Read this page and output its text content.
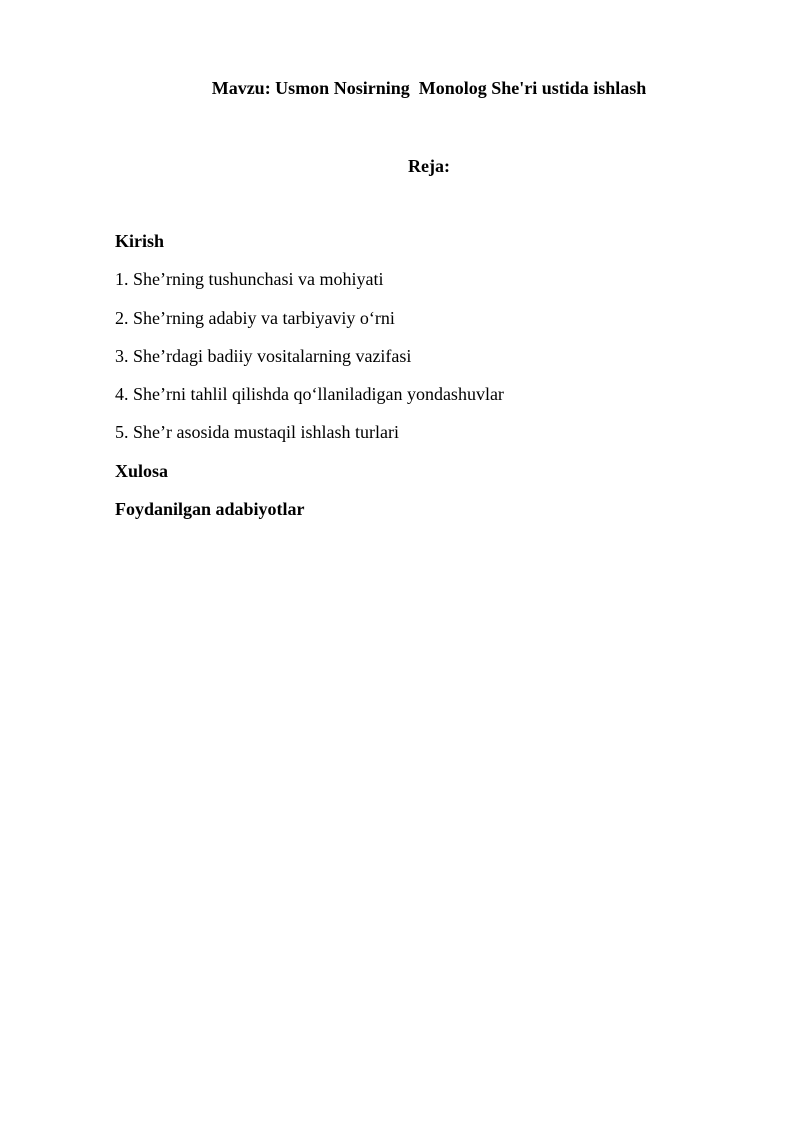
Mavzu: Usmon Nosirning  Monolog She'ri ustida ishlash
Reja:
Kirish
1. She’rning tushunchasi va mohiyati
2. She’rning adabiy va tarbiyaviy o‘rni
3. She’rdagi badiiy vositalarning vazifasi
4. She’rni tahlil qilishda qo‘llaniladigan yondashuvlar
5. She’r asosida mustaqil ishlash turlari
Xulosa
Foydanilgan adabiyotlar
